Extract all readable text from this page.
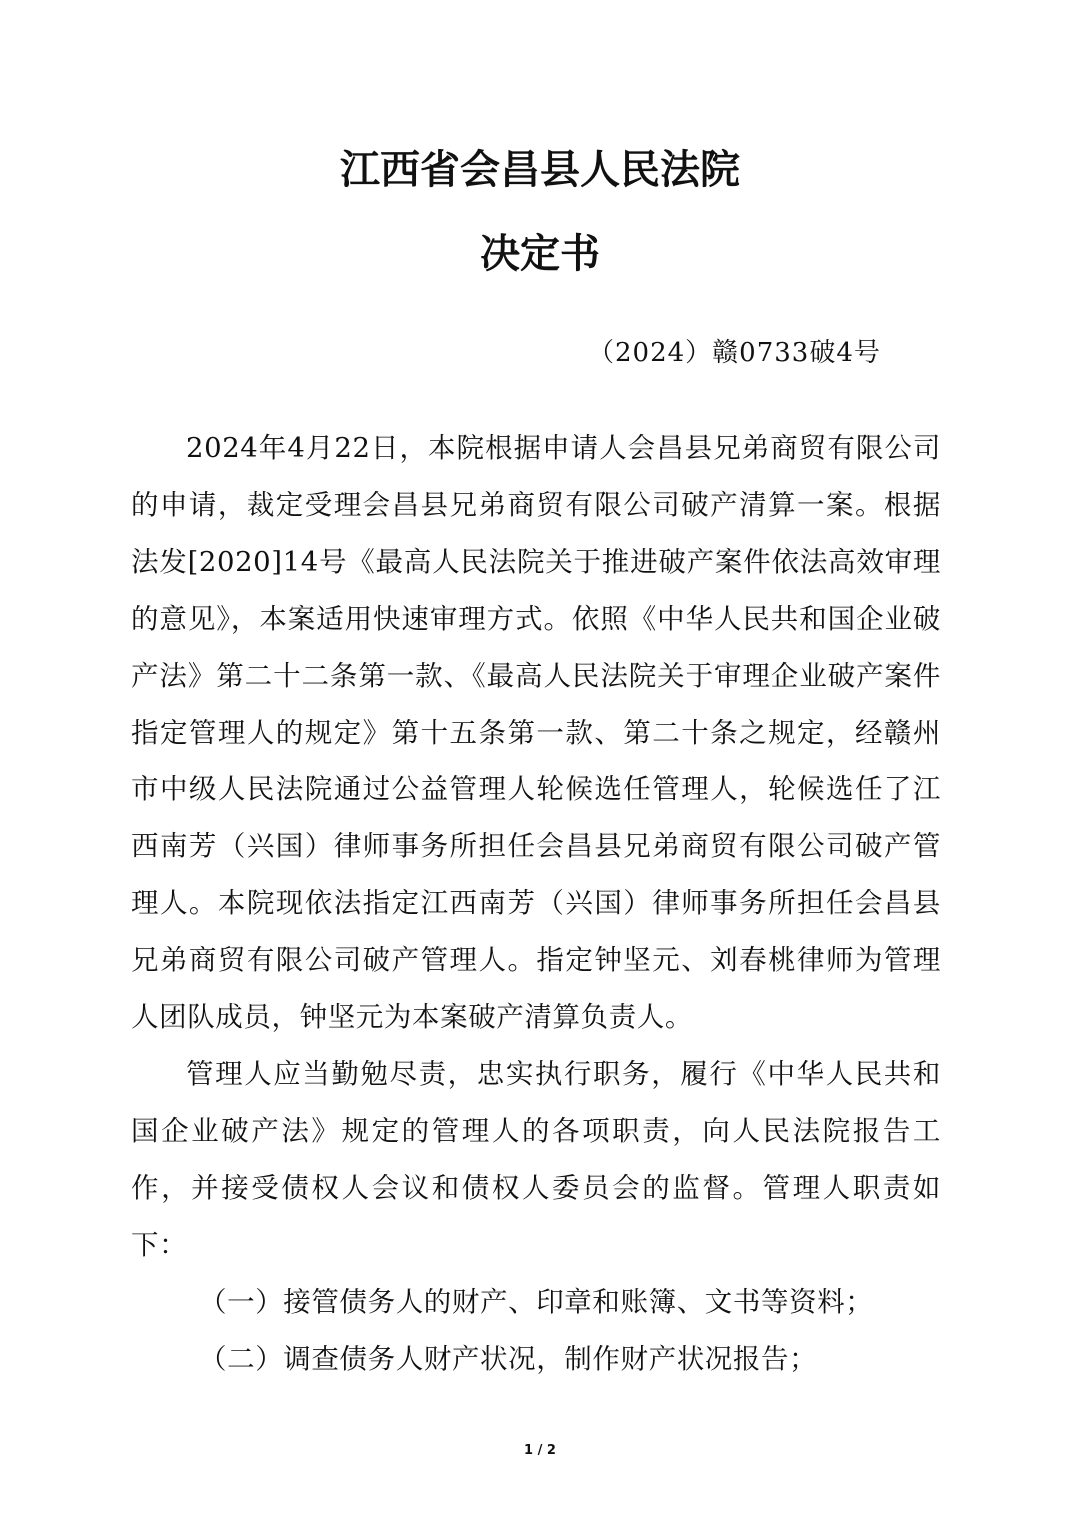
江西省会昌县人民法院
决定书

（2024）赣0733破4号

2024年4月22日，本院根据申请人会昌县兄弟商贸有限公司的申请，裁定受理会昌县兄弟商贸有限公司破产清算一案。根据法发[2020]14号《最高人民法院关于推进破产案件依法高效审理的意见》，本案适用快速审理方式。依照《中华人民共和国企业破产法》第二十二条第一款、《最高人民法院关于审理企业破产案件指定管理人的规定》第十五条第一款、第二十条之规定，经赣州市中级人民法院通过公益管理人轮候选任管理人，轮候选任了江西南芳（兴国）律师事务所担任会昌县兄弟商贸有限公司破产管理人。本院现依法指定江西南芳（兴国）律师事务所担任会昌县兄弟商贸有限公司破产管理人。指定钟坚元、刘春桃律师为管理人团队成员，钟坚元为本案破产清算负责人。

管理人应当勤勉尽责，忠实执行职务，履行《中华人民共和国企业破产法》规定的管理人的各项职责，向人民法院报告工作，并接受债权人会议和债权人委员会的监督。管理人职责如下：

（一）接管债务人的财产、印章和账簿、文书等资料；

（二）调查债务人财产状况，制作财产状况报告；

1 / 2
